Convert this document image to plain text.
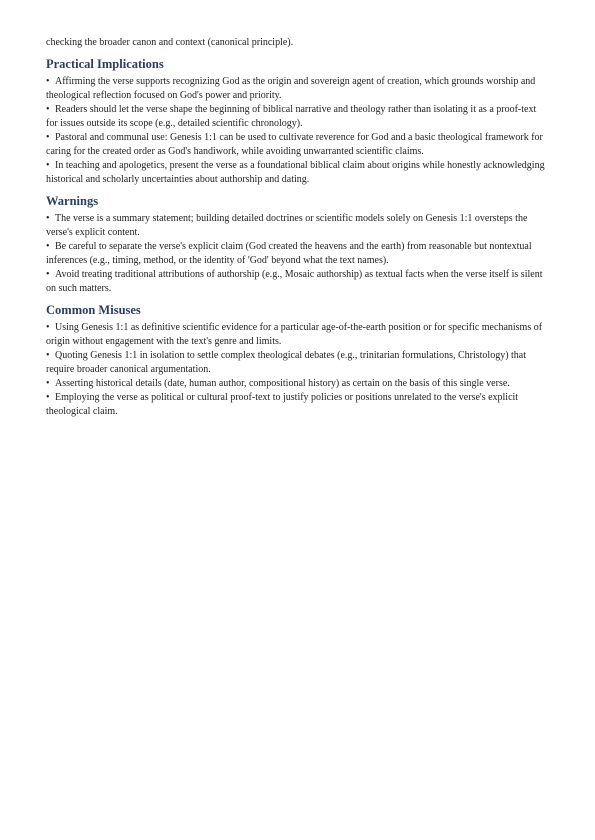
checking the broader canon and context (canonical principle).

Practical Implications
• Affirming the verse supports recognizing God as the origin and sovereign agent of creation, which grounds worship and theological reflection focused on God's power and priority.
• Readers should let the verse shape the beginning of biblical narrative and theology rather than isolating it as a proof-text for issues outside its scope (e.g., detailed scientific chronology).
• Pastoral and communal use: Genesis 1:1 can be used to cultivate reverence for God and a basic theological framework for caring for the created order as God's handiwork, while avoiding unwarranted scientific claims.
• In teaching and apologetics, present the verse as a foundational biblical claim about origins while honestly acknowledging historical and scholarly uncertainties about authorship and dating.
Warnings
• The verse is a summary statement; building detailed doctrines or scientific models solely on Genesis 1:1 oversteps the verse's explicit content.
• Be careful to separate the verse's explicit claim (God created the heavens and the earth) from reasonable but nontextual inferences (e.g., timing, method, or the identity of 'God' beyond what the text names).
• Avoid treating traditional attributions of authorship (e.g., Mosaic authorship) as textual facts when the verse itself is silent on such matters.
Common Misuses
• Using Genesis 1:1 as definitive scientific evidence for a particular age-of-the-earth position or for specific mechanisms of origin without engagement with the text's genre and limits.
• Quoting Genesis 1:1 in isolation to settle complex theological debates (e.g., trinitarian formulations, Christology) that require broader canonical argumentation.
• Asserting historical details (date, human author, compositional history) as certain on the basis of this single verse.
• Employing the verse as political or cultural proof-text to justify policies or positions unrelated to the verse's explicit theological claim.
